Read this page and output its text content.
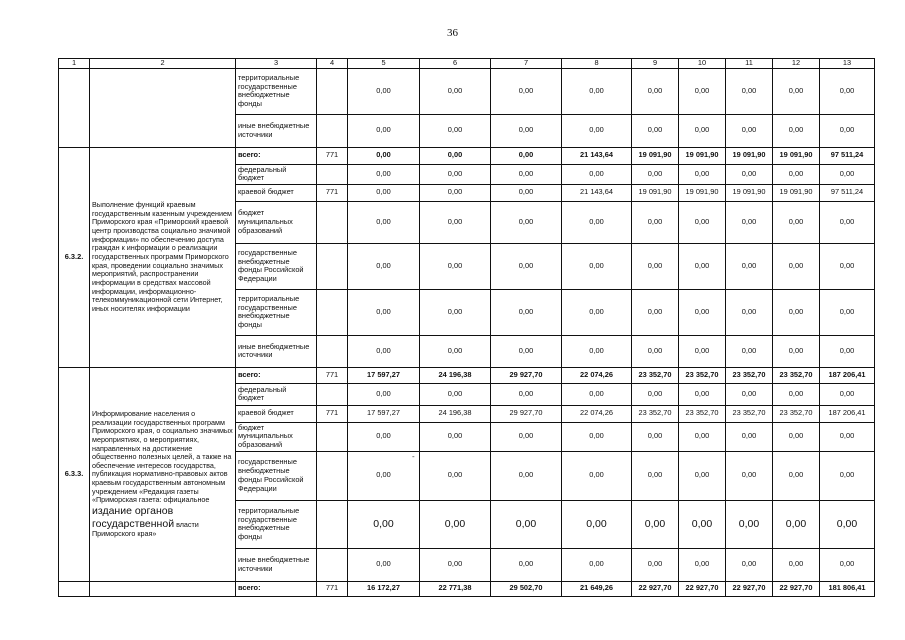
36
1	2	3	4	5	6	7	8	9	10	11	12	13
		территориальные государственные внебюджетные фонды		0,00	0,00	0,00	0,00	0,00	0,00	0,00	0,00	0,00
		иные внебюджетные источники		0,00	0,00	0,00	0,00	0,00	0,00	0,00	0,00	0,00
6.3.2.	Выполнение функций краевым государственным казенным учреждением Приморского края «Приморский краевой центр производства социально значимой информации» по обеспечению доступа граждан к информации о реализации государственных программ Приморского края, проведении социально значимых мероприятий, распространении информации в средствах массовой информации, информационно-телекоммуникационной сети Интернет, иных носителях информации	всего:	771	0,00	0,00	0,00	21 143,64	19 091,90	19 091,90	19 091,90	19 091,90	97 511,24
		федеральный бюджет		0,00	0,00	0,00	0,00	0,00	0,00	0,00	0,00	0,00
		краевой бюджет	771	0,00	0,00	0,00	21 143,64	19 091,90	19 091,90	19 091,90	19 091,90	97 511,24
		бюджет муниципальных образований		0,00	0,00	0,00	0,00	0,00	0,00	0,00	0,00	0,00
		государственные внебюджетные фонды Российской Федерации		0,00	0,00	0,00	0,00	0,00	0,00	0,00	0,00	0,00
		территориальные государственные внебюджетные фонды		0,00	0,00	0,00	0,00	0,00	0,00	0,00	0,00	0,00
		иные внебюджетные источники		0,00	0,00	0,00	0,00	0,00	0,00	0,00	0,00	0,00
6.3.3.	Информирование населения о реализации государственных программ Приморского края, о социально значимых мероприятиях, о мероприятиях, направленных на достижение общественно полезных целей, а также на обеспечение интересов государства, публикация нормативно-правовых актов краевым государственным автономным учреждением «Редакция газеты «Приморская газета: официальное издание органов государственной власти Приморского края»	всего:	771	17 597,27	24 196,38	29 927,70	22 074,26	23 352,70	23 352,70	23 352,70	23 352,70	187 206,41
		федеральный бюджет		0,00	0,00	0,00	0,00	0,00	0,00	0,00	0,00	0,00
		краевой бюджет	771	17 597,27	24 196,38	29 927,70	22 074,26	23 352,70	23 352,70	23 352,70	23 352,70	187 206,41
		бюджет муниципальных образований		0,00	0,00	0,00	0,00	0,00	0,00	0,00	0,00	0,00
		государственные внебюджетные фонды Российской Федерации		0,00	0,00	0,00	0,00	0,00	0,00	0,00	0,00	0,00
		территориальные государственные внебюджетные фонды		0,00	0,00	0,00	0,00	0,00	0,00	0,00	0,00	0,00
		иные внебюджетные источники		0,00	0,00	0,00	0,00	0,00	0,00	0,00	0,00	0,00
		всего:	771	16 172,27	22 771,38	29 502,70	21 649,26	22 927,70	22 927,70	22 927,70	22 927,70	181 806,41
-
